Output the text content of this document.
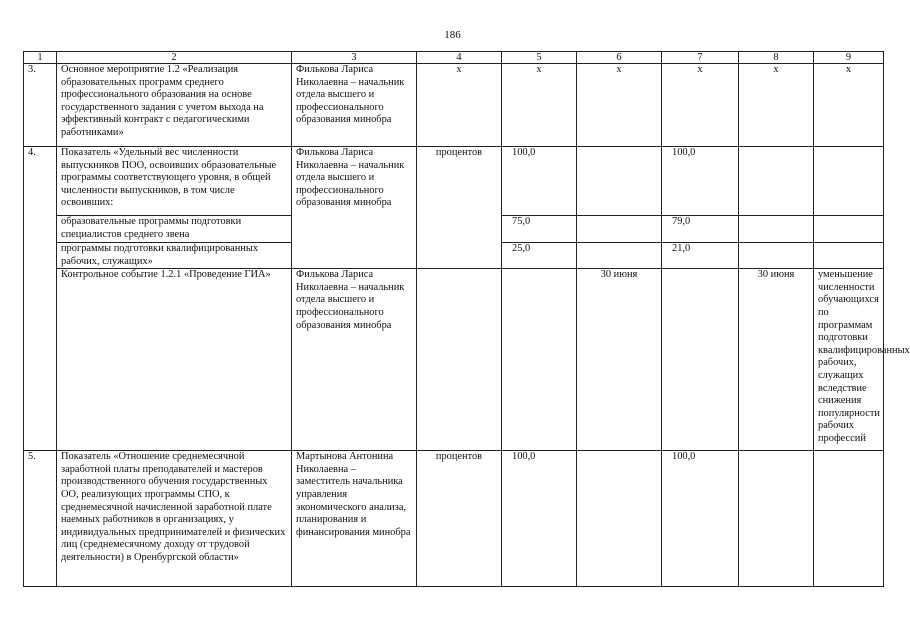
186
1	2	3	4	5	6	7	8	9
3.	Основное мероприятие 1.2 «Реализация образовательных программ среднего профессионального образования на основе государственного задания с учетом выхода на эффективный контракт с педагогическими работниками»	Филькова Лариса Николаевна – начальник отдела высшего и профессионального образования минобра	х	х	х	х	х	х
4.	Показатель «Удельный вес численности выпускников ПОО, освоивших образовательные программы соответствующего уровня, в общей численности выпускников, в том числе освоивших:	Филькова Лариса Николаевна – начальник отдела высшего и профессионального образования минобра	процентов	100,0		100,0		
	образовательные программы подготовки специалистов среднего звена			75,0		79,0		
	программы подготовки квалифицированных рабочих, служащих»			25,0		21,0		
	Контрольное событие 1.2.1 «Проведение ГИА»	Филькова Лариса Николаевна – начальник отдела высшего и профессионального образования минобра			30 июня		30 июня	уменьшение численности обучающихся по программам подготовки квалифицированных рабочих, служащих вследствие снижения популярности рабочих профессий
5.	Показатель «Отношение среднемесячной заработной платы преподавателей и мастеров производственного обучения государственных ОО, реализующих программы СПО, к среднемесячной начисленной заработной плате наемных работников в организациях, у индивидуальных предпринимателей и физических лиц (среднемесячному доходу от трудовой деятельности) в Оренбургской области»	Мартынова Антонина Николаевна – заместитель начальника управления экономического анализа, планирования и финансирования минобра	процентов	100,0		100,0		
